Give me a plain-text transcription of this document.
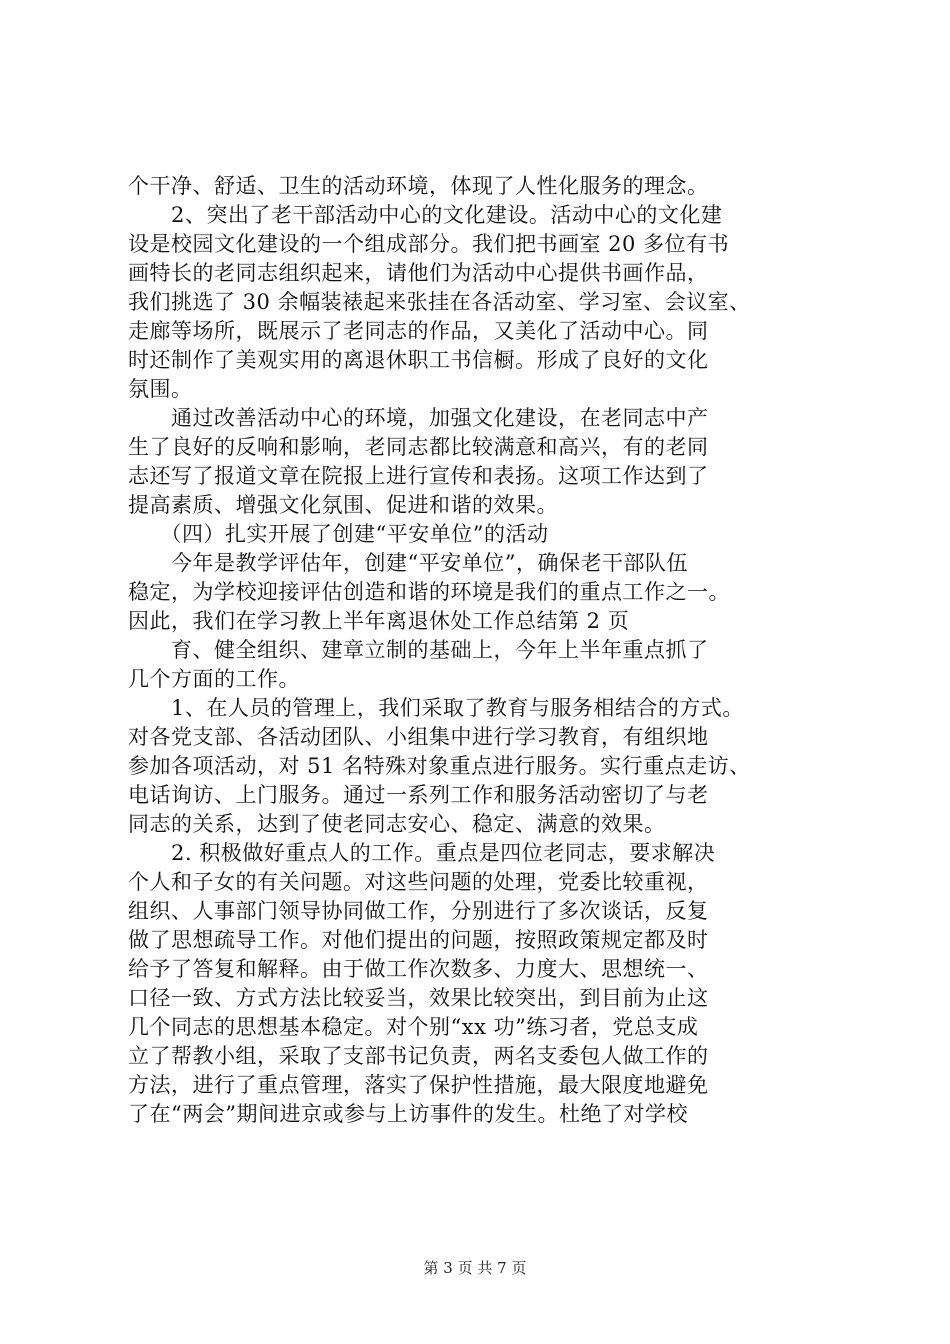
个干净、舒适、卫生的活动环境，体现了人性化服务的理念。
　　2、突出了老干部活动中心的文化建设。活动中心的文化建
设是校园文化建设的一个组成部分。我们把书画室 20 多位有书
画特长的老同志组织起来，请他们为活动中心提供书画作品，
我们挑选了 30 余幅装裱起来张挂在各活动室、学习室、会议室、
走廊等场所，既展示了老同志的作品，又美化了活动中心。同
时还制作了美观实用的离退休职工书信橱。形成了良好的文化
氛围。
　　通过改善活动中心的环境，加强文化建设，在老同志中产
生了良好的反响和影响，老同志都比较满意和高兴，有的老同
志还写了报道文章在院报上进行宣传和表扬。这项工作达到了
提高素质、增强文化氛围、促进和谐的效果。
　　（四）扎实开展了创建“平安单位”的活动
　　今年是教学评估年，创建“平安单位”，确保老干部队伍
稳定，为学校迎接评估创造和谐的环境是我们的重点工作之一。
因此，我们在学习教上半年离退休处工作总结第 2 页
　　育、健全组织、建章立制的基础上，今年上半年重点抓了
几个方面的工作。
　　1、在人员的管理上，我们采取了教育与服务相结合的方式。
对各党支部、各活动团队、小组集中进行学习教育，有组织地
参加各项活动，对 51 名特殊对象重点进行服务。实行重点走访、
电话询访、上门服务。通过一系列工作和服务活动密切了与老
同志的关系，达到了使老同志安心、稳定、满意的效果。
　　2. 积极做好重点人的工作。重点是四位老同志，要求解决
个人和子女的有关问题。对这些问题的处理，党委比较重视，
组织、人事部门领导协同做工作，分别进行了多次谈话，反复
做了思想疏导工作。对他们提出的问题，按照政策规定都及时
给予了答复和解释。由于做工作次数多、力度大、思想统一、
口径一致、方式方法比较妥当，效果比较突出，到目前为止这
几个同志的思想基本稳定。对个别“xx 功”练习者，党总支成
立了帮教小组，采取了支部书记负责，两名支委包人做工作的
方法，进行了重点管理，落实了保护性措施，最大限度地避免
了在“两会”期间进京或参与上访事件的发生。杜绝了对学校
第 3 页 共 7 页
